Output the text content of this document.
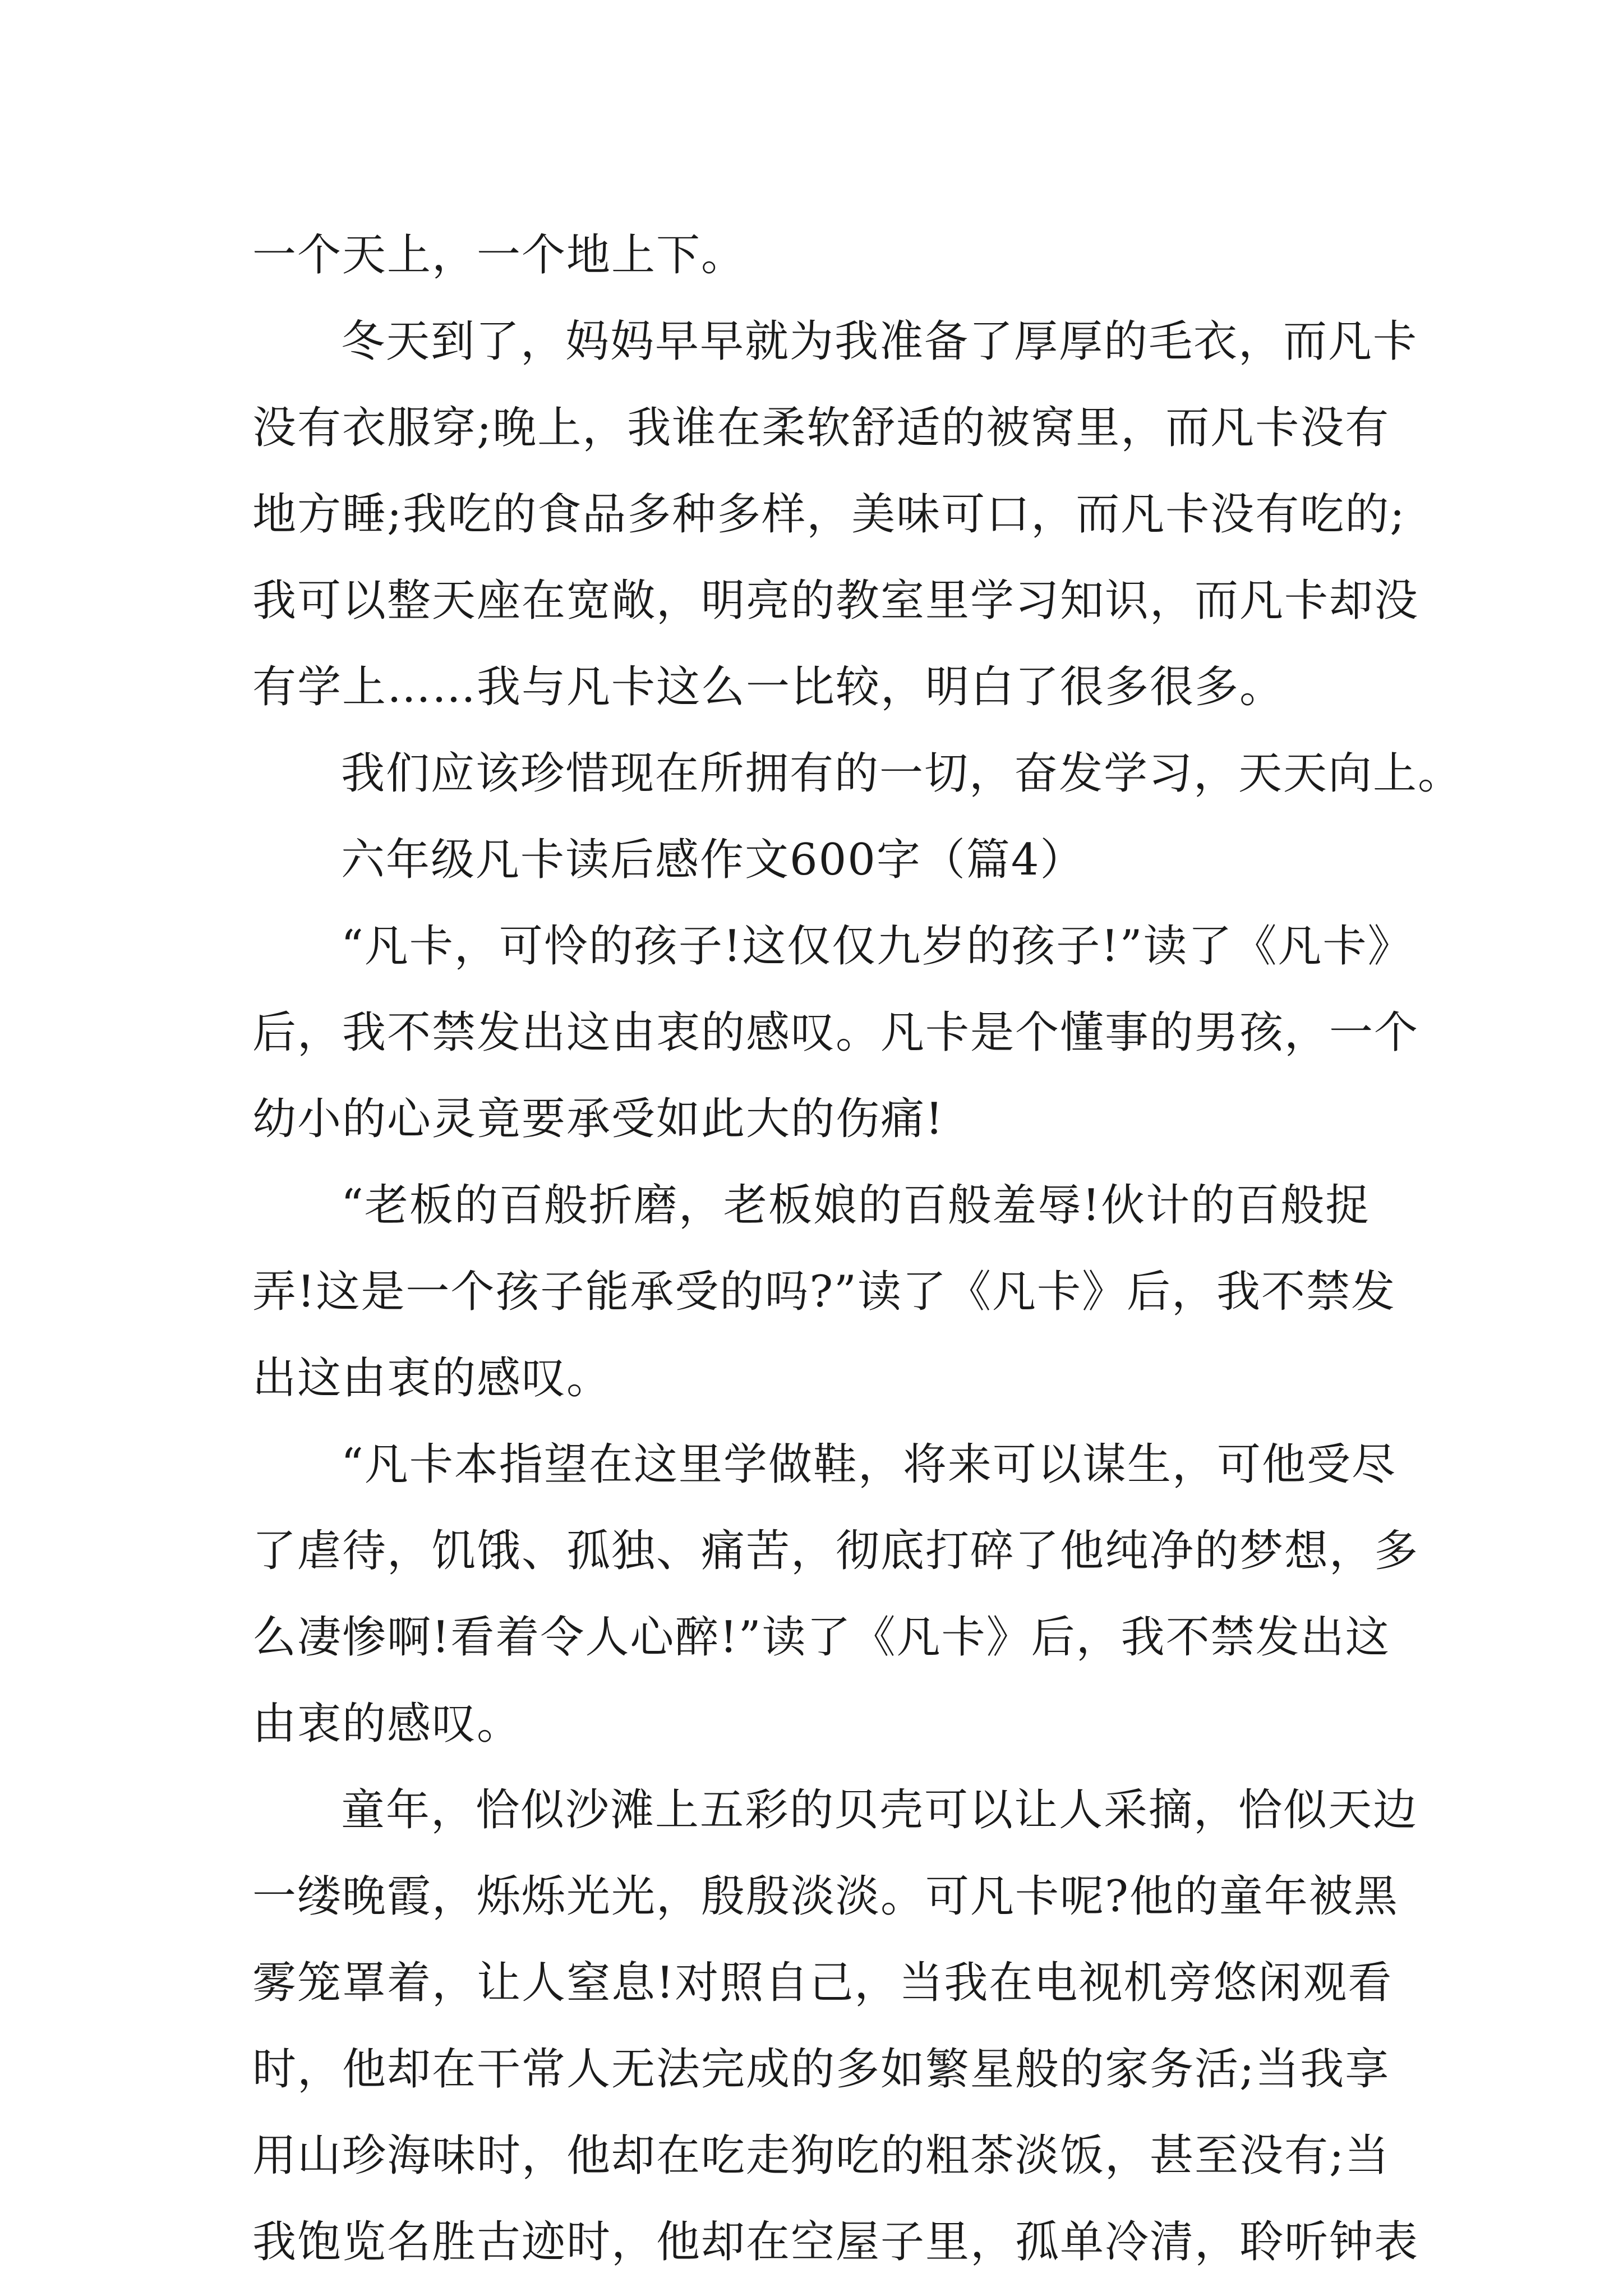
一个天上，一个地上下。
冬天到了，妈妈早早就为我准备了厚厚的毛衣，而凡卡
没有衣服穿;晚上，我谁在柔软舒适的被窝里，而凡卡没有
地方睡;我吃的食品多种多样，美味可口，而凡卡没有吃的;
我可以整天座在宽敞，明亮的教室里学习知识，而凡卡却没
有学上……我与凡卡这么一比较，明白了很多很多。
我们应该珍惜现在所拥有的一切，奋发学习，天天向上。
六年级凡卡读后感作文600字（篇4）
“凡卡，可怜的孩子!这仅仅九岁的孩子!”读了《凡卡》
后，我不禁发出这由衷的感叹。凡卡是个懂事的男孩，一个
幼小的心灵竟要承受如此大的伤痛!
“老板的百般折磨，老板娘的百般羞辱!伙计的百般捉
弄!这是一个孩子能承受的吗?”读了《凡卡》后，我不禁发
出这由衷的感叹。
“凡卡本指望在这里学做鞋，将来可以谋生，可他受尽
了虐待，饥饿、孤独、痛苦，彻底打碎了他纯净的梦想，多
么凄惨啊!看着令人心醉!”读了《凡卡》后，我不禁发出这
由衷的感叹。
童年，恰似沙滩上五彩的贝壳可以让人采摘，恰似天边
一缕晚霞，烁烁光光，殷殷淡淡。可凡卡呢?他的童年被黑
雾笼罩着，让人窒息!对照自己，当我在电视机旁悠闲观看
时，他却在干常人无法完成的多如繁星般的家务活;当我享
用山珍海味时，他却在吃走狗吃的粗茶淡饭，甚至没有;当
我饱览名胜古迹时，他却在空屋子里，孤单冷清，聆听钟表
